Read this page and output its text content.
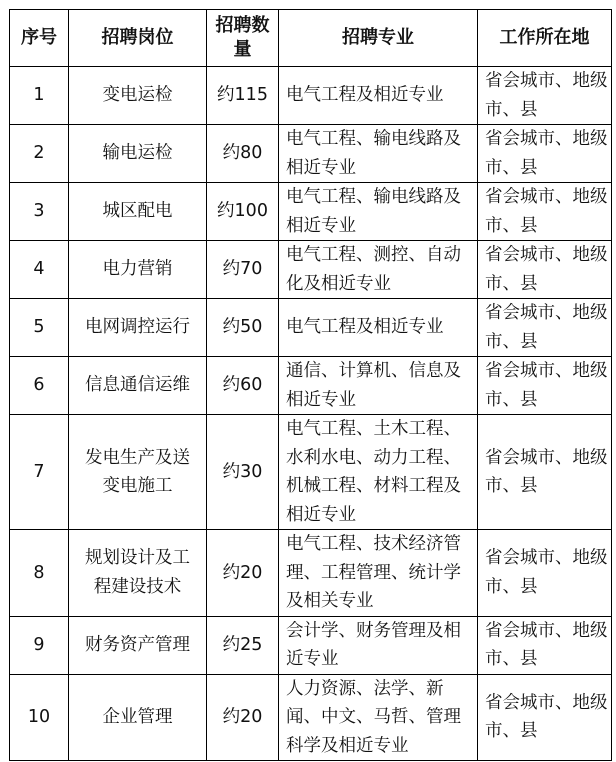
序号	招聘岗位	招聘数量	招聘专业	工作所在地
1	变电运检	约115	电气工程及相近专业	省会城市、地级市、县
2	输电运检	约80	电气工程、输电线路及相近专业	省会城市、地级市、县
3	城区配电	约100	电气工程、输电线路及相近专业	省会城市、地级市、县
4	电力营销	约70	电气工程、测控、自动化及相近专业	省会城市、地级市、县
5	电网调控运行	约50	电气工程及相近专业	省会城市、地级市、县
6	信息通信运维	约60	通信、计算机、信息及相近专业	省会城市、地级市、县
7	发电生产及送变电施工	约30	电气工程、土木工程、水利水电、动力工程、机械工程、材料工程及相近专业	省会城市、地级市、县
8	规划设计及工程建设技术	约20	电气工程、技术经济管理、工程管理、统计学及相关专业	省会城市、地级市、县
9	财务资产管理	约25	会计学、财务管理及相近专业	省会城市、地级市、县
10	企业管理	约20	人力资源、法学、新闻、中文、马哲、管理科学及相近专业	省会城市、地级市、县
